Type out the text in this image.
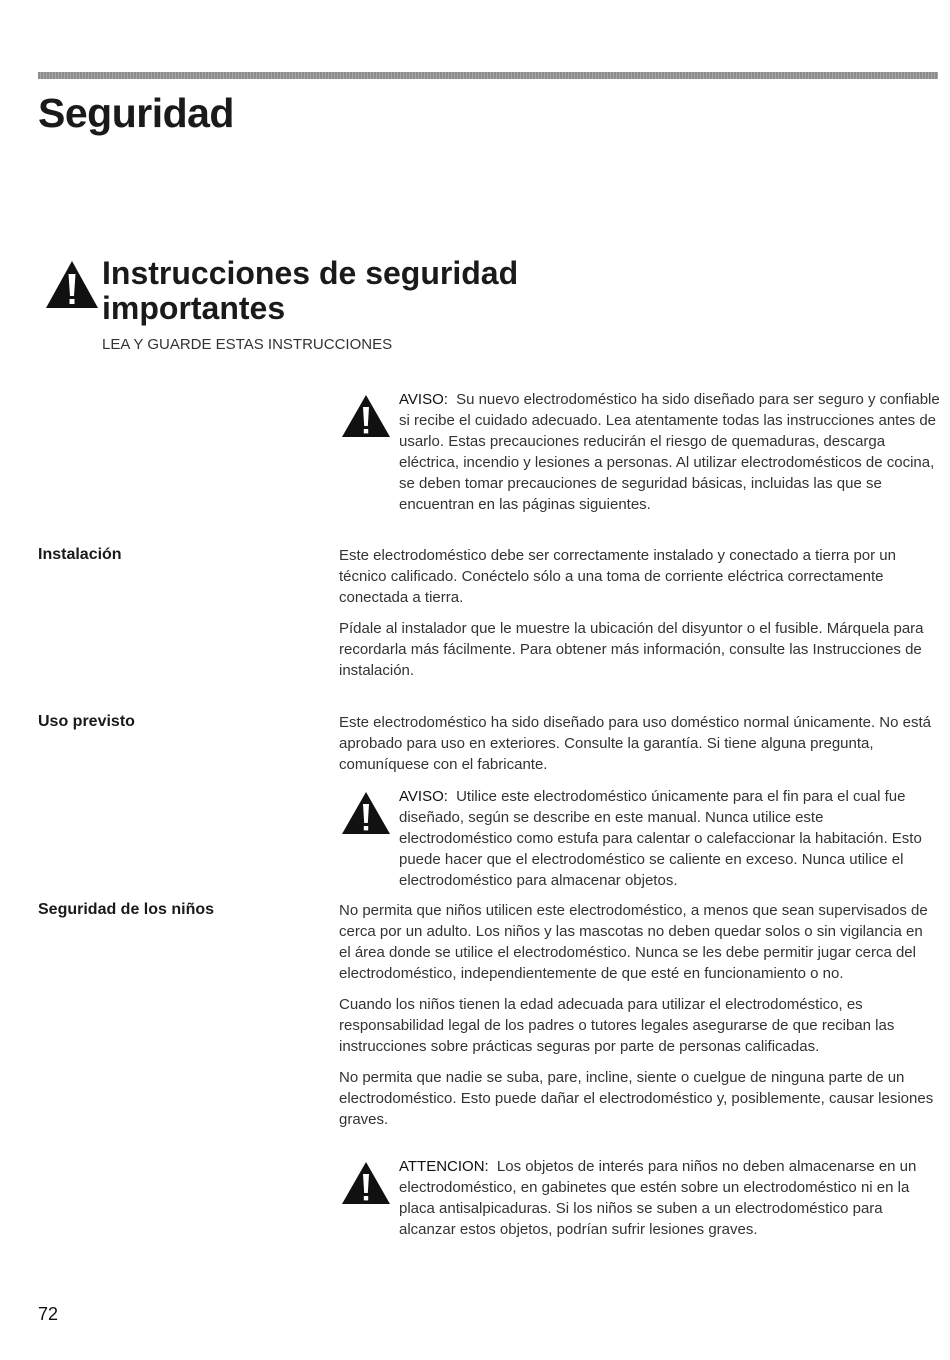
Seguridad
Instrucciones de seguridad importantes

LEA Y GUARDE ESTAS INSTRUCCIONES

AVISO: Su nuevo electrodoméstico ha sido diseñado para ser seguro y confiable si recibe el cuidado adecuado. Lea atentamente todas las instrucciones antes de usarlo. Estas precauciones reducirán el riesgo de quemaduras, descarga eléctrica, incendio y lesiones a personas. Al utilizar electrodomésticos de cocina, se deben tomar precauciones de seguridad básicas, incluidas las que se encuentran en las páginas siguientes.

Instalación	Este electrodoméstico debe ser correctamente instalado y conectado a tierra por un técnico calificado. Conéctelo sólo a una toma de corriente eléctrica correctamente conectada a tierra.

Pídale al instalador que le muestre la ubicación del disyuntor o el fusible. Márquela para recordarla más fácilmente. Para obtener más información, consulte las Instrucciones de instalación.

Uso previsto	Este electrodoméstico ha sido diseñado para uso doméstico normal únicamente. No está aprobado para uso en exteriores. Consulte la garantía. Si tiene alguna pregunta, comuníquese con el fabricante.

AVISO: Utilice este electrodoméstico únicamente para el fin para el cual fue diseñado, según se describe en este manual. Nunca utilice este electrodoméstico como estufa para calentar o calefaccionar la habitación. Esto puede hacer que el electrodoméstico se caliente en exceso. Nunca utilice el electrodoméstico para almacenar objetos.

Seguridad de los niños	No permita que niños utilicen este electrodoméstico, a menos que sean supervisados de cerca por un adulto. Los niños y las mascotas no deben quedar solos o sin vigilancia en el área donde se utilice el electrodoméstico. Nunca se les debe permitir jugar cerca del electrodoméstico, independientemente de que esté en funcionamiento o no.

Cuando los niños tienen la edad adecuada para utilizar el electrodoméstico, es responsabilidad legal de los padres o tutores legales asegurarse de que reciban las instrucciones sobre prácticas seguras por parte de personas calificadas.

No permita que nadie se suba, pare, incline, siente o cuelgue de ninguna parte de un electrodoméstico. Esto puede dañar el electrodoméstico y, posiblemente, causar lesiones graves.

ATTENCION: Los objetos de interés para niños no deben almacenarse en un electrodoméstico, en gabinetes que estén sobre un electrodoméstico ni en la placa antisalpicaduras. Si los niños se suben a un electrodoméstico para alcanzar estos objetos, podrían sufrir lesiones graves.

72
